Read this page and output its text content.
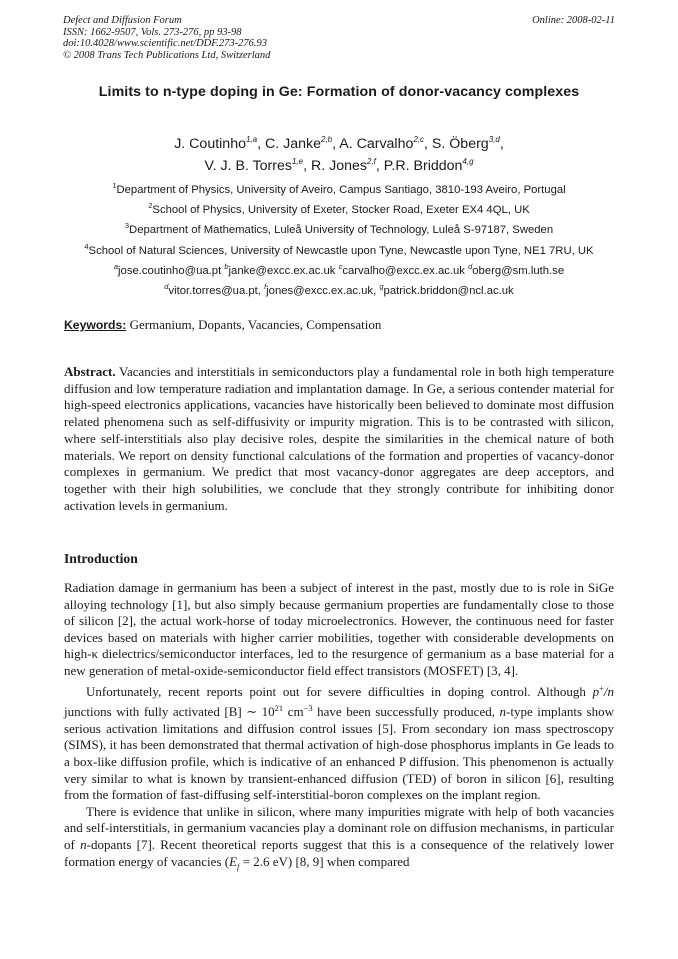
Defect and Diffusion Forum
ISSN: 1662-9507, Vols. 273-276, pp 93-98
doi:10.4028/www.scientific.net/DDF.273-276.93
© 2008 Trans Tech Publications Ltd, Switzerland
Online: 2008-02-11
Limits to n-type doping in Ge: Formation of donor-vacancy complexes
J. Coutinho$^{1,a}$, C. Janke$^{2,b}$, A. Carvalho$^{2,c}$, S. Öberg$^{3,d}$,
V. J. B. Torres$^{1,e}$, R. Jones$^{2,f}$, P.R. Briddon$^{4,g}$
$^1$Department of Physics, University of Aveiro, Campus Santiago, 3810-193 Aveiro, Portugal
$^2$School of Physics, University of Exeter, Stocker Road, Exeter EX4 4QL, UK
$^3$Department of Mathematics, Luleå University of Technology, Luleå S-97187, Sweden
$^4$School of Natural Sciences, University of Newcastle upon Tyne, Newcastle upon Tyne, NE1 7RU, UK
$^a$jose.coutinho@ua.pt $^b$janke@excc.ex.ac.uk $^c$carvalho@excc.ex.ac.uk $^d$oberg@sm.luth.se
$^d$vitor.torres@ua.pt, $^f$jones@excc.ex.ac.uk, $^g$patrick.briddon@ncl.ac.uk
Keywords: Germanium, Dopants, Vacancies, Compensation
Abstract. Vacancies and interstitials in semiconductors play a fundamental role in both high temperature diffusion and low temperature radiation and implantation damage. In Ge, a serious contender material for high-speed electronics applications, vacancies have historically been believed to dominate most diffusion related phenomena such as self-diffusivity or impurity migration. This is to be contrasted with silicon, where self-interstitials also play decisive roles, despite the similarities in the chemical nature of both materials. We report on density functional calculations of the formation and properties of vacancy-donor complexes in germanium. We predict that most vacancy-donor aggregates are deep acceptors, and together with their high solubilities, we conclude that they strongly contribute for inhibiting donor activation levels in germanium.
Introduction

Radiation damage in germanium has been a subject of interest in the past, mostly due to is role in SiGe alloying technology [1], but also simply because germanium properties are fundamentally close to those of silicon [2], the actual work-horse of today microelectronics. However, the continuous need for faster devices based on materials with higher carrier mobilities, together with considerable developments on high-κ dielectrics/semiconductor interfaces, led to the resurgence of germanium as a base material for a new generation of metal-oxide-semiconductor field effect transistors (MOSFET) [3, 4].

Unfortunately, recent reports point out for severe difficulties in doping control. Although p+/n junctions with fully activated [B] ∼ $10^{21}$ $cm^{-3}$ have been successfully produced, n-type implants show serious activation limitations and diffusion control issues [5]. From secondary ion mass spectroscopy (SIMS), it has been demonstrated that thermal activation of high-dose phosphorus implants in Ge leads to a box-like diffusion profile, which is indicative of an enhanced P diffusion. This phenomenon is actually very similar to what is known by transient-enhanced diffusion (TED) of boron in silicon [6], resulting from the formation of fast-diffusing self-interstitial-boron complexes on the implant region.

There is evidence that unlike in silicon, where many impurities migrate with help of both vacancies and self-interstitials, in germanium vacancies play a dominant role on diffusion mechanisms, in particular of n-dopants [7]. Recent theoretical reports suggest that this is a consequence of the relatively lower formation energy of vacancies ($E_f = 2.6$ eV) [8, 9] when compared
